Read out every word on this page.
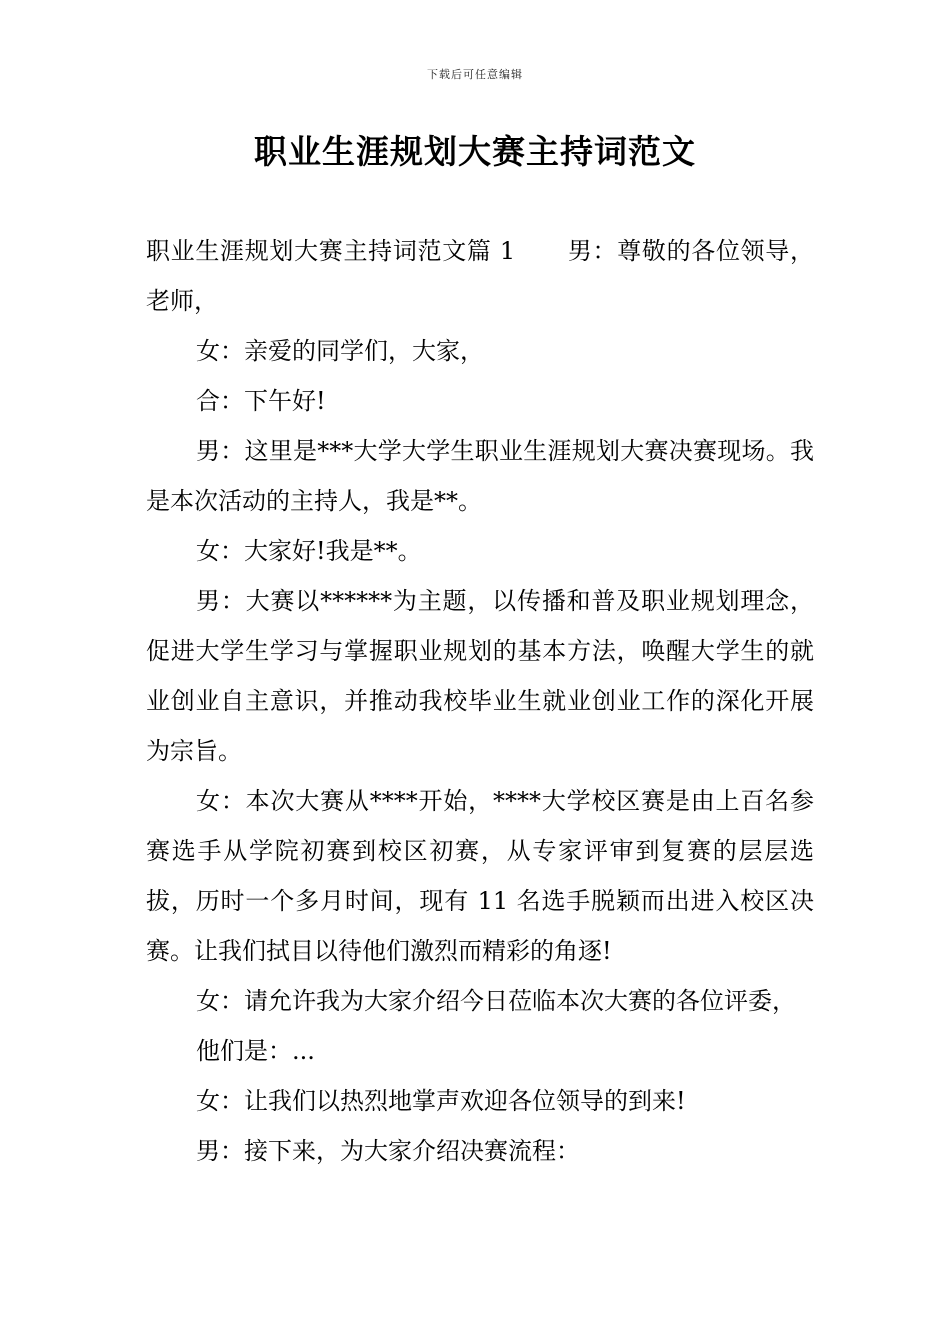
下载后可任意编辑
职业生涯规划大赛主持词范文

职业生涯规划大赛主持词范文篇 1 男：尊敬的各位领导，老师，

女：亲爱的同学们，大家，

合：下午好!

男：这里是***大学大学生职业生涯规划大赛决赛现场。我是本次活动的主持人，我是**。

女：大家好!我是**。

男：大赛以******为主题，以传播和普及职业规划理念，促进大学生学习与掌握职业规划的基本方法，唤醒大学生的就业创业自主意识，并推动我校毕业生就业创业工作的深化开展为宗旨。

女：本次大赛从****开始，****大学校区赛是由上百名参赛选手从学院初赛到校区初赛，从专家评审到复赛的层层选拔，历时一个多月时间，现有 11 名选手脱颖而出进入校区决赛。让我们拭目以待他们激烈而精彩的角逐!

女：请允许我为大家介绍今日莅临本次大赛的各位评委，

他们是：...

女：让我们以热烈地掌声欢迎各位领导的到来!

男：接下来，为大家介绍决赛流程：
